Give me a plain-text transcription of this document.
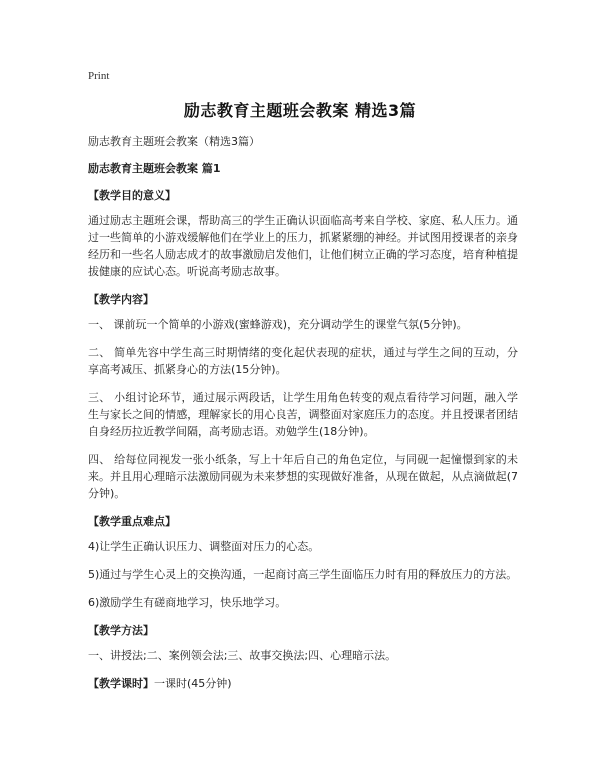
Print
励志教育主题班会教案 精选3篇

励志教育主题班会教案（精选3篇）

励志教育主题班会教案 篇1

【教学目的意义】

通过励志主题班会课，帮助高三的学生正确认识面临高考来自学校、家庭、私人压力。通过一些简单的小游戏缓解他们在学业上的压力，抓紧紧绷的神经。并试图用授课者的亲身经历和一些名人励志成才的故事激励启发他们，让他们树立正确的学习态度，培育种植提拔健康的应试心态。听说高考励志故事。

【教学内容】

一、 课前玩一个简单的小游戏(蜜蜂游戏)，充分调动学生的课堂气氛(5分钟)。

二、 简单先容中学生高三时期情绪的变化起伏表现的症状，通过与学生之间的互动，分享高考减压、抓紧身心的方法(15分钟)。

三、 小组讨论环节，通过展示两段话，让学生用角色转变的观点看待学习问题，融入学生与家长之间的情感，理解家长的用心良苦，调整面对家庭压力的态度。并且授课者团结自身经历拉近教学间隔，高考励志语。劝勉学生(18分钟)。

四、 给每位同视发一张小纸条，写上十年后自己的角色定位，与同砚一起憧憬到家的未来。并且用心理暗示法激励同砚为未来梦想的实现做好准备，从现在做起，从点滴做起(7分钟)。

【教学重点难点】

4)让学生正确认识压力、调整面对压力的心态。

5)通过与学生心灵上的交换沟通，一起商讨高三学生面临压力时有用的释放压力的方法。

6)激励学生有磋商地学习，快乐地学习。

【教学方法】

一、讲授法;二、案例领会法;三、故事交换法;四、心理暗示法。

【教学课时】一课时(45分钟)
